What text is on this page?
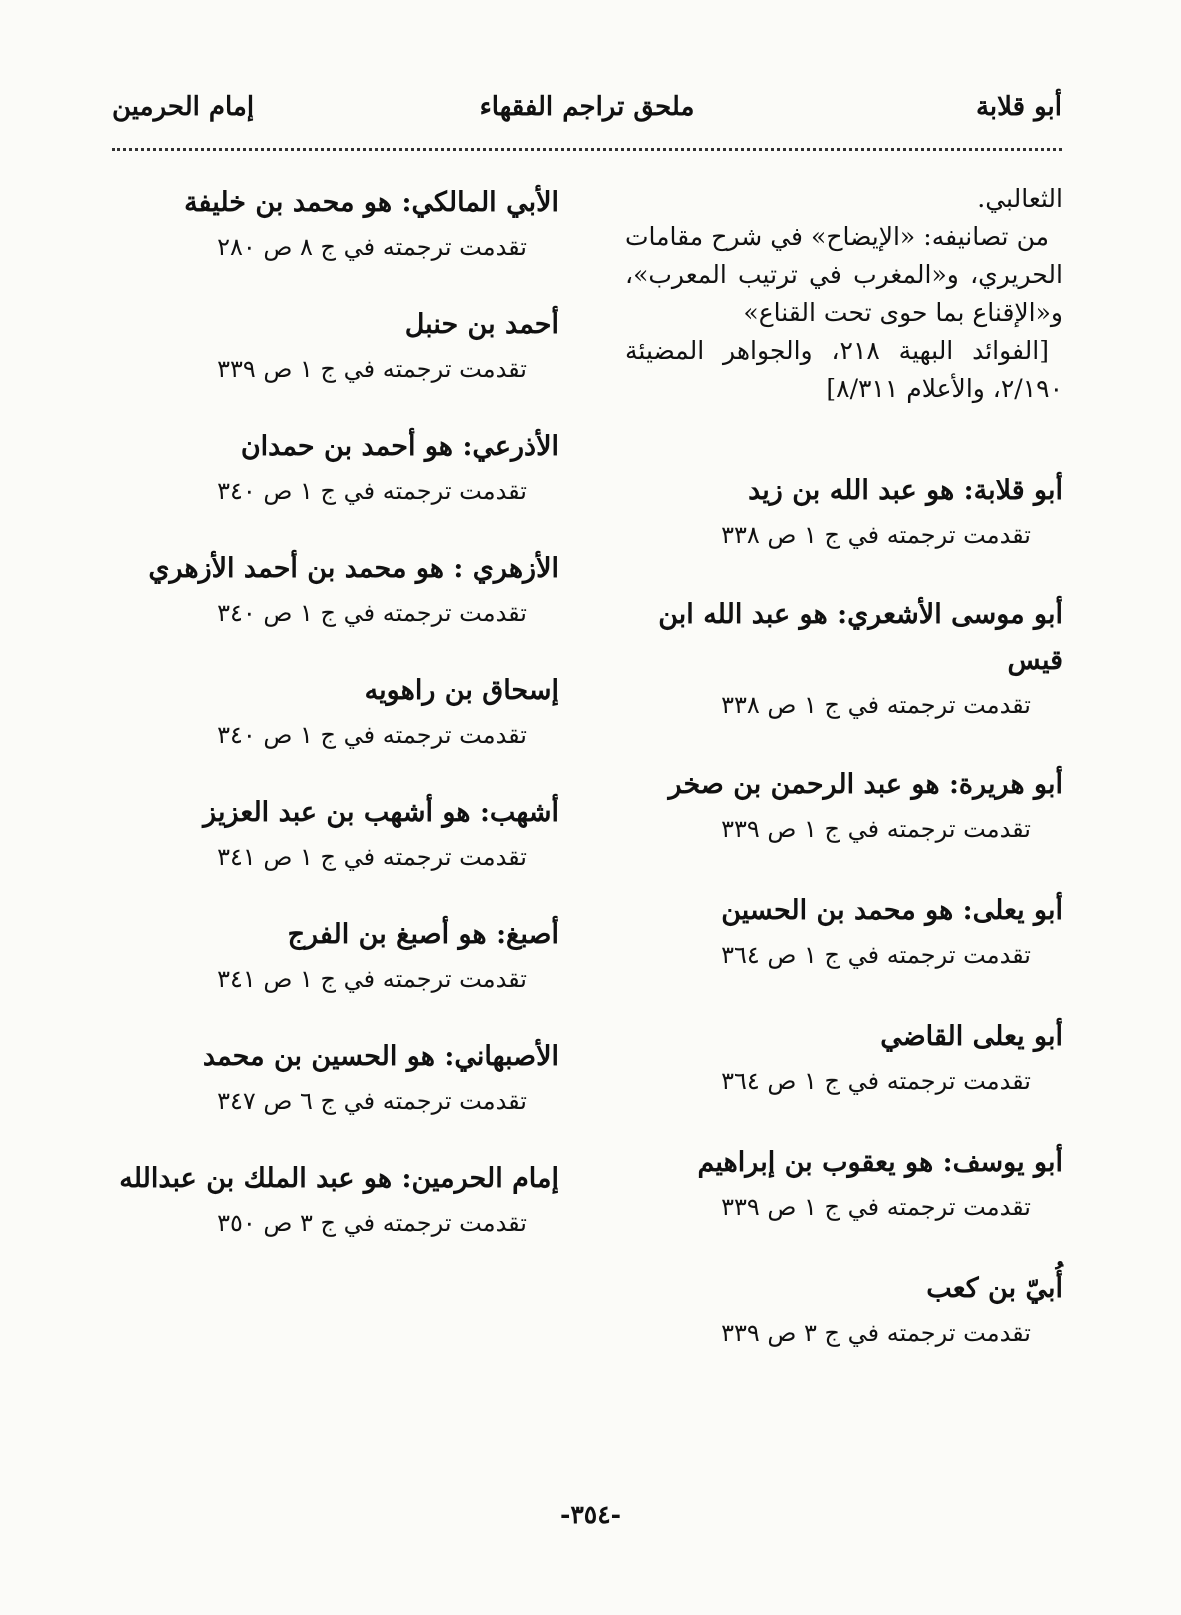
أبو قلابة
ملحق تراجم الفقهاء
إمام الحرمين

الثعالبي.

من تصانيفه: «الإيضاح» في شرح مقامات الحريري، و«المغرب في ترتيب المعرب»، و«الإقناع بما حوى تحت القناع»

[الفوائد البهية ٢١٨، والجواهر المضيئة ٢/١٩٠، والأعلام ٨/٣١١]

أبو قلابة: هو عبد الله بن زيد

تقدمت ترجمته في ج ١ ص ٣٣٨

أبو موسى الأشعري: هو عبد الله ابن قيس

تقدمت ترجمته في ج ١ ص ٣٣٨

أبو هريرة: هو عبد الرحمن بن صخر

تقدمت ترجمته في ج ١ ص ٣٣٩

أبو يعلى: هو محمد بن الحسين

تقدمت ترجمته في ج ١ ص ٣٦٤

أبو يعلى القاضي

تقدمت ترجمته في ج ١ ص ٣٦٤

أبو يوسف: هو يعقوب بن إبراهيم

تقدمت ترجمته في ج ١ ص ٣٣٩

أُبيّ بن كعب

تقدمت ترجمته في ج ٣ ص ٣٣٩

الأبي المالكي: هو محمد بن خليفة

تقدمت ترجمته في ج ٨ ص ٢٨٠

أحمد بن حنبل

تقدمت ترجمته في ج ١ ص ٣٣٩

الأذرعي: هو أحمد بن حمدان

تقدمت ترجمته في ج ١ ص ٣٤٠

الأزهري : هو محمد بن أحمد الأزهري

تقدمت ترجمته في ج ١ ص ٣٤٠

إسحاق بن راهويه

تقدمت ترجمته في ج ١ ص ٣٤٠

أشهب: هو أشهب بن عبد العزيز

تقدمت ترجمته في ج ١ ص ٣٤١

أصبغ: هو أصبغ بن الفرج

تقدمت ترجمته في ج ١ ص ٣٤١

الأصبهاني: هو الحسين بن محمد

تقدمت ترجمته في ج ٦ ص ٣٤٧

إمام الحرمين: هو عبد الملك بن عبدالله

تقدمت ترجمته في ج ٣ ص ٣٥٠

-٣٥٤-
